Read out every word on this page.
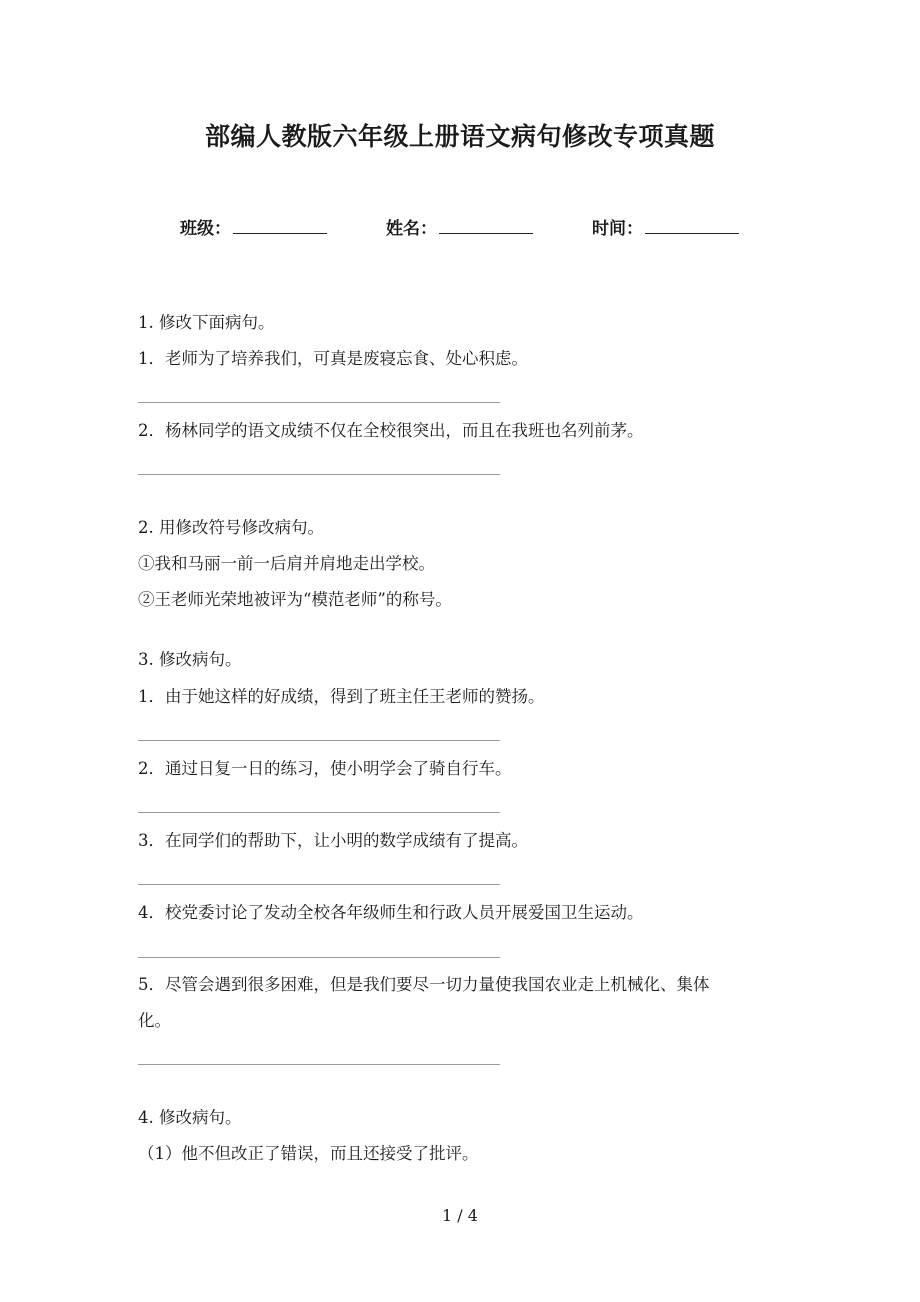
部编人教版六年级上册语文病句修改专项真题
班级：	姓名：	时间：
1. 修改下面病句。
1．老师为了培养我们，可真是废寝忘食、处心积虑。
2．杨林同学的语文成绩不仅在全校很突出，而且在我班也名列前茅。
2. 用修改符号修改病句。
①我和马丽一前一后肩并肩地走出学校。
②王老师光荣地被评为“模范老师”的称号。
3. 修改病句。
1．由于她这样的好成绩，得到了班主任王老师的赞扬。
2．通过日复一日的练习，使小明学会了骑自行车。
3．在同学们的帮助下，让小明的数学成绩有了提高。
4．校党委讨论了发动全校各年级师生和行政人员开展爱国卫生运动。
5．尽管会遇到很多困难，但是我们要尽一切力量使我国农业走上机械化、集体
化。
4. 修改病句。
（1）他不但改正了错误，而且还接受了批评。
1 / 4
